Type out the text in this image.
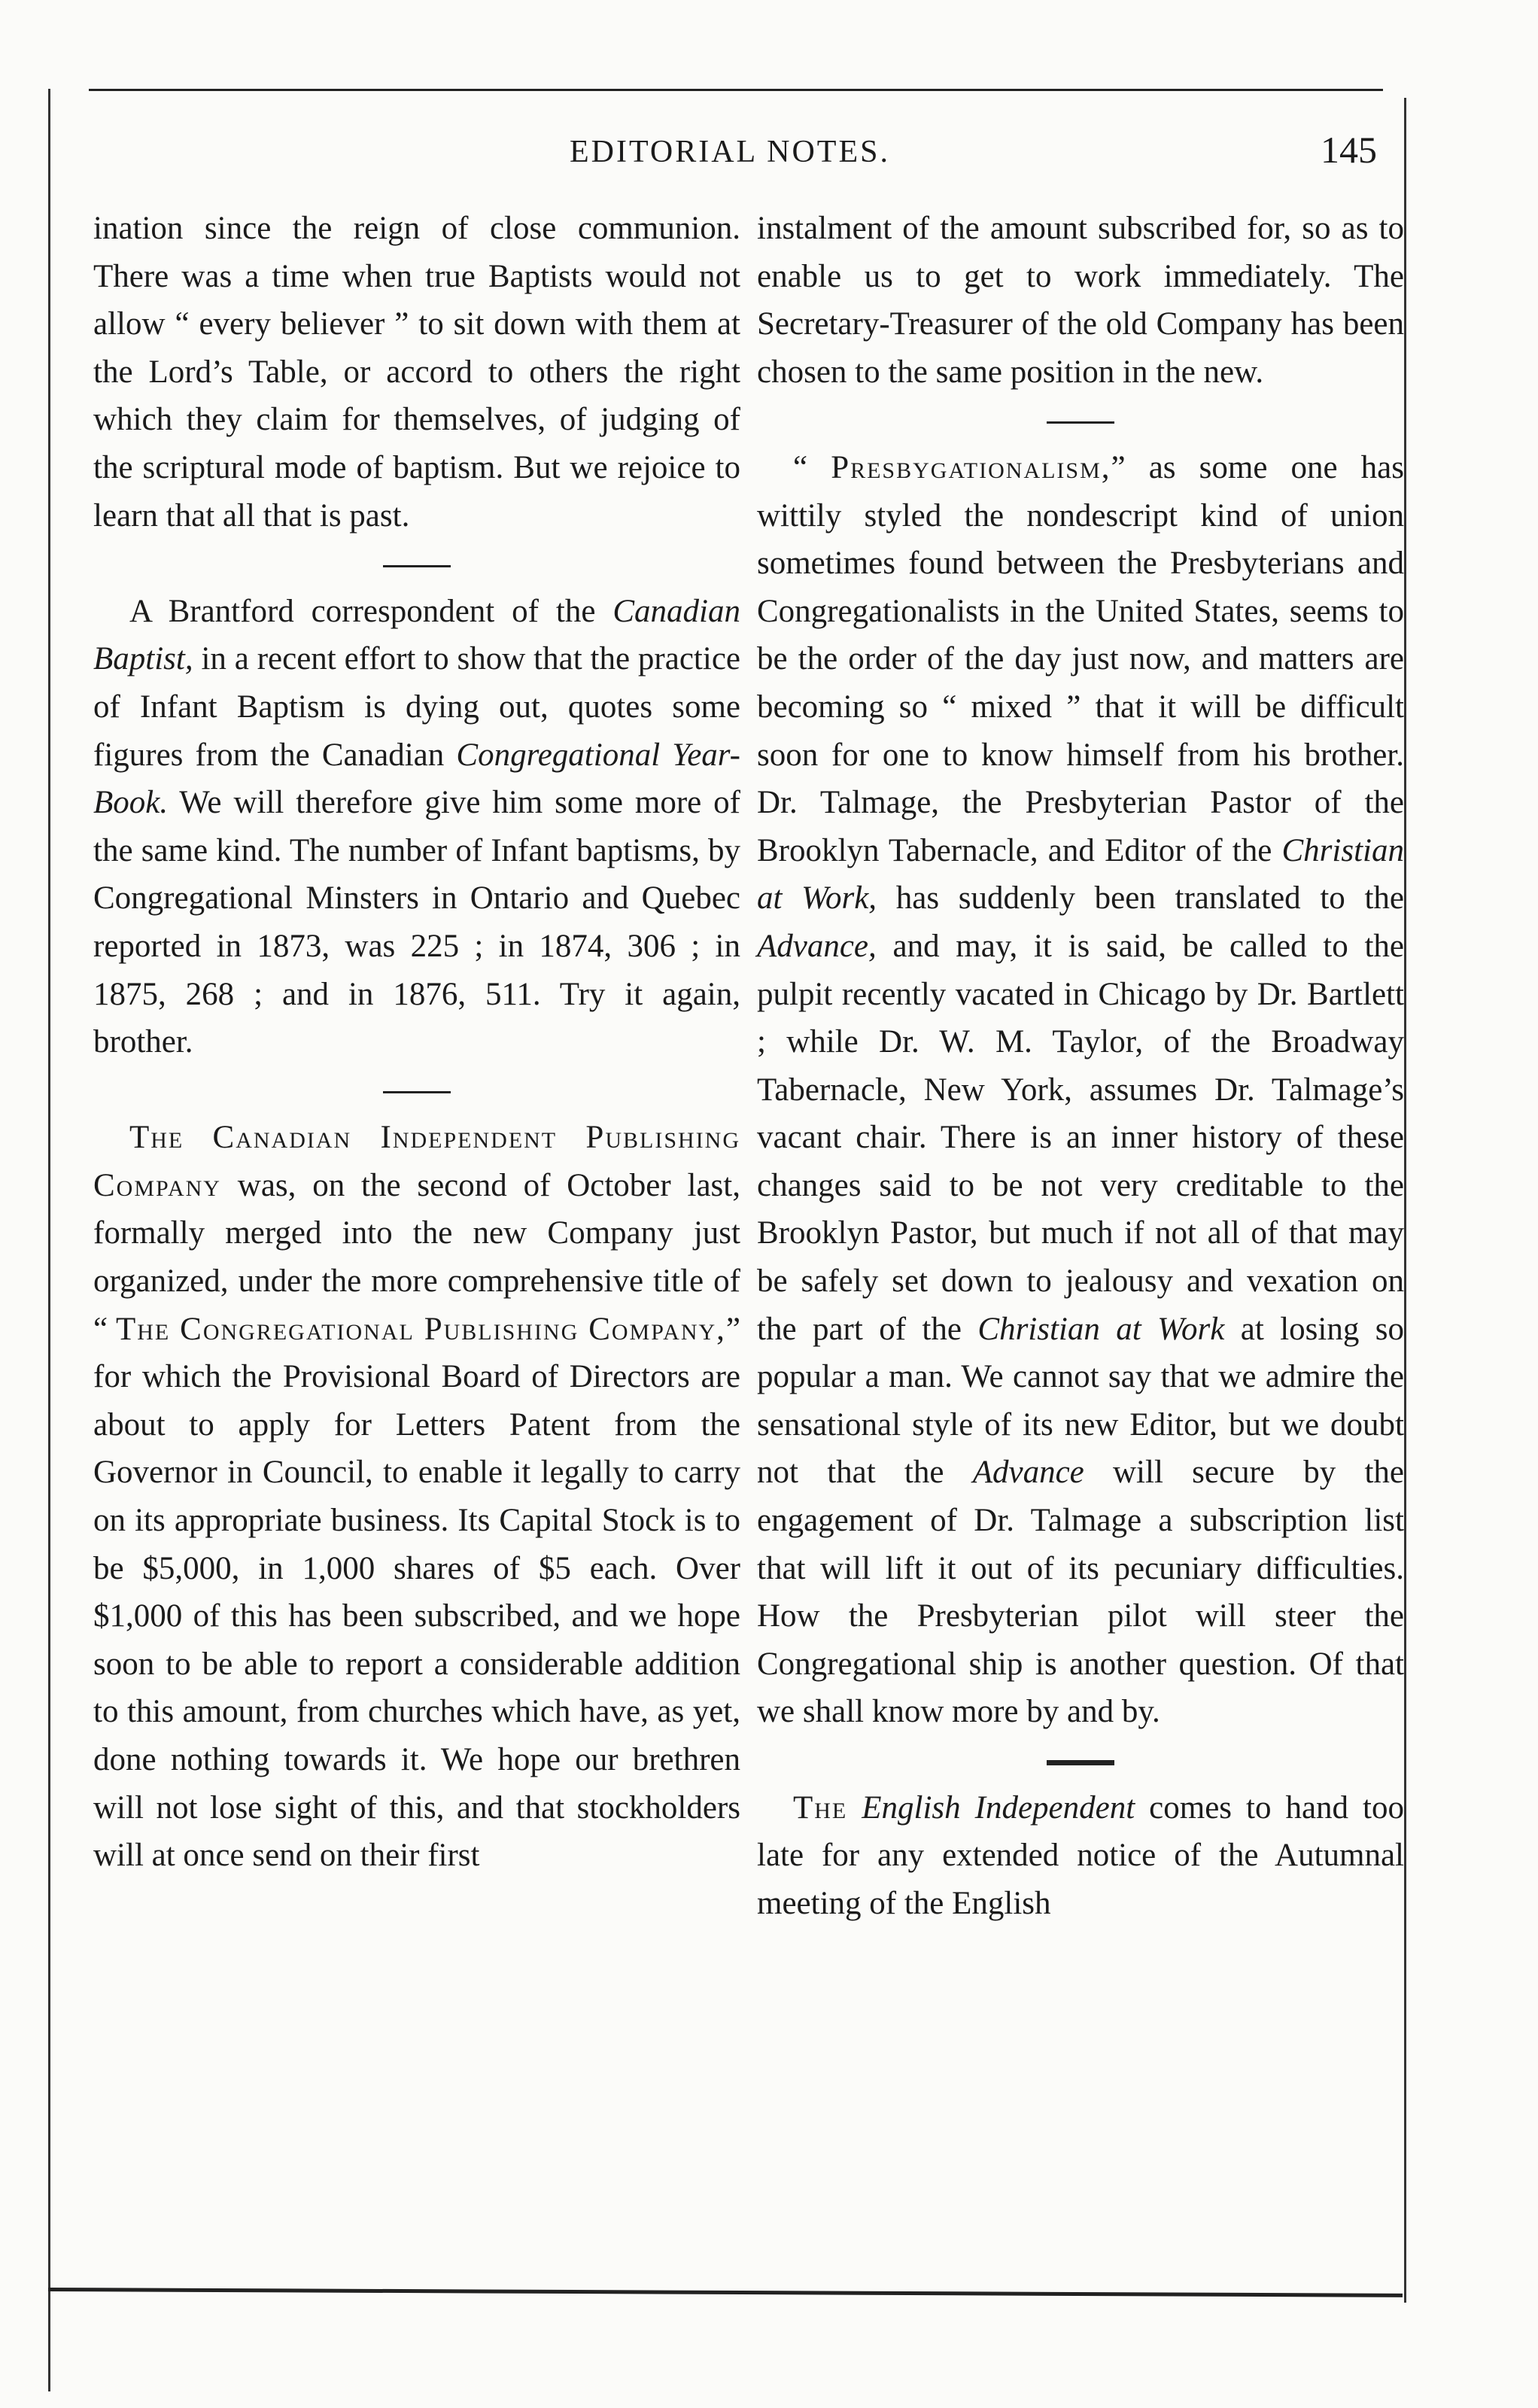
EDITORIAL NOTES.	145

ination since the reign of close communion. There was a time when true Baptists would not allow “ every believer ” to sit down with them at the Lord’s Table, or accord to others the right which they claim for themselves, of judging of the scriptural mode of baptism. But we rejoice to learn that all that is past.

A Brantford correspondent of the Canadian Baptist, in a recent effort to show that the practice of Infant Baptism is dying out, quotes some figures from the Canadian Congregational Year-Book. We will therefore give him some more of the same kind. The number of Infant baptisms, by Congregational Minsters in Ontario and Quebec reported in 1873, was 225 ; in 1874, 306 ; in 1875, 268 ; and in 1876, 511. Try it again, brother.

The Canadian Independent Publishing Company was, on the second of October last, formally merged into the new Company just organized, under the more comprehensive title of “ The Congregational Publishing Company,” for which the Provisional Board of Directors are about to apply for Letters Patent from the Governor in Council, to enable it legally to carry on its appropriate business. Its Capital Stock is to be $5,000, in 1,000 shares of $5 each. Over $1,000 of this has been subscribed, and we hope soon to be able to report a considerable addition to this amount, from churches which have, as yet, done nothing towards it. We hope our brethren will not lose sight of this, and that stockholders will at once send on their first

instalment of the amount subscribed for, so as to enable us to get to work immediately. The Secretary-Treasurer of the old Company has been chosen to the same position in the new.

“ Presbygationalism,” as some one has wittily styled the nondescript kind of union sometimes found between the Presbyterians and Congregationalists in the United States, seems to be the order of the day just now, and matters are becoming so “ mixed ” that it will be difficult soon for one to know himself from his brother. Dr. Talmage, the Presbyterian Pastor of the Brooklyn Tabernacle, and Editor of the Christian at Work, has suddenly been translated to the Advance, and may, it is said, be called to the pulpit recently vacated in Chicago by Dr. Bartlett ; while Dr. W. M. Taylor, of the Broadway Tabernacle, New York, assumes Dr. Talmage’s vacant chair. There is an inner history of these changes said to be not very creditable to the Brooklyn Pastor, but much if not all of that may be safely set down to jealousy and vexation on the part of the Christian at Work at losing so popular a man. We cannot say that we admire the sensational style of its new Editor, but we doubt not that the Advance will secure by the engagement of Dr. Talmage a subscription list that will lift it out of its pecuniary difficulties. How the Presbyterian pilot will steer the Congregational ship is another question. Of that we shall know more by and by.

The English Independent comes to hand too late for any extended notice of the Autumnal meeting of the English
